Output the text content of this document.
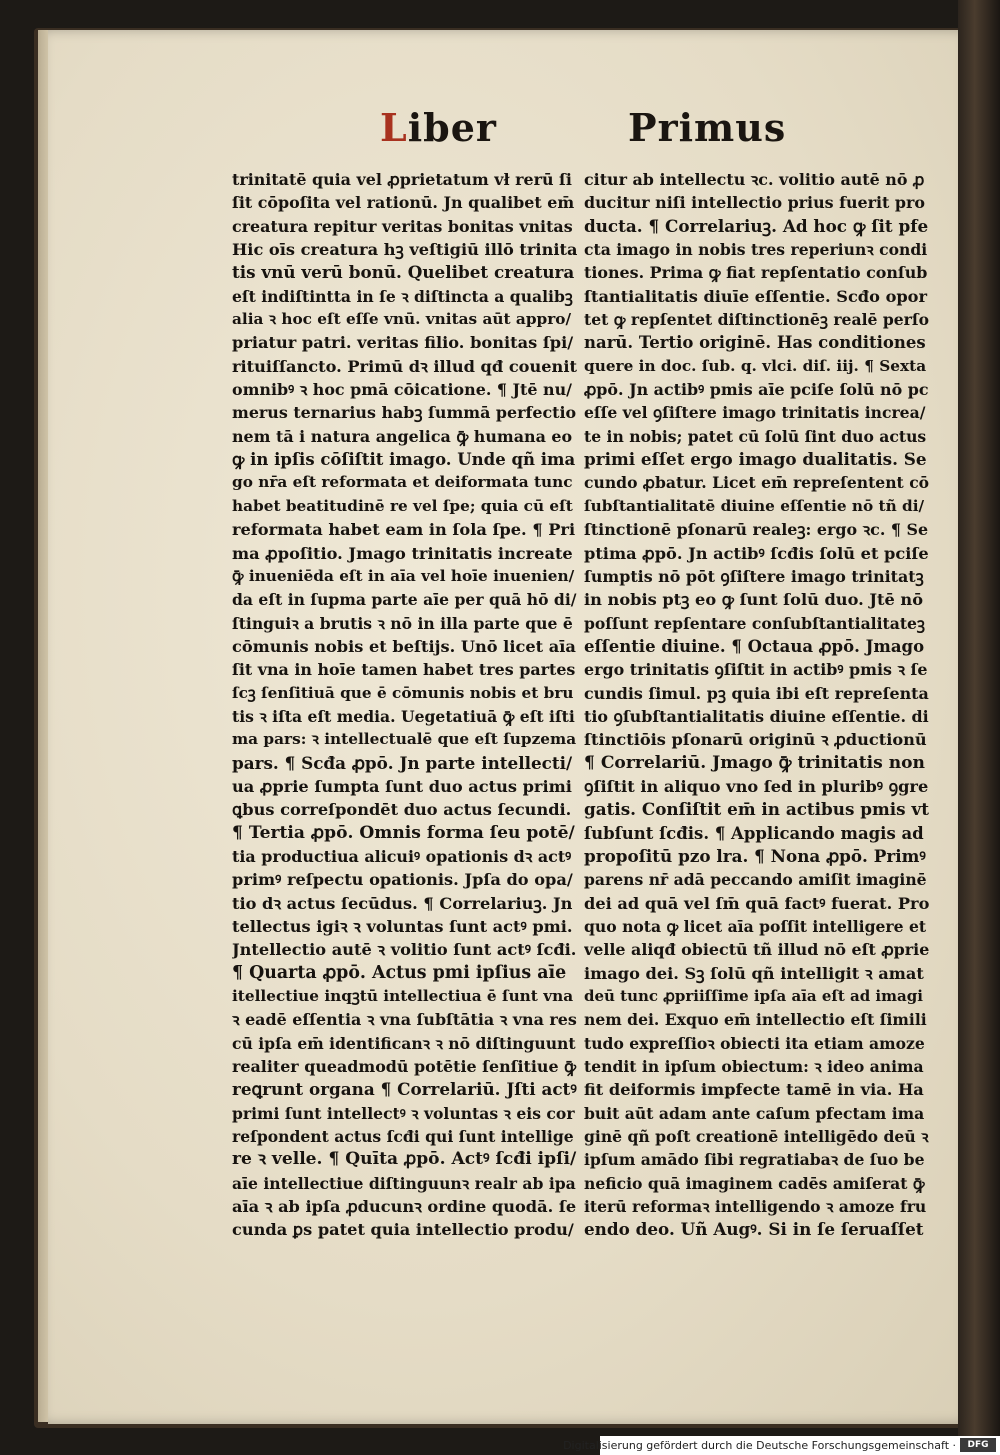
Liber	Primus
trinitatē quia vel ꝓprietatum vł rerū ſi
ſit cōpoſita vel rationū. Jn qualibet em̄
creatura repitur veritas bonitas vnitas
Hic oīs creatura hꝫ veſtigiū illō trinita
tis vnū verū bonū. Quelibet creatura
eſt indiſtintta in ſe ꝛ diſtincta a qualibꝫ
alia ꝛ hoc eſt eſſe vnū. vnitas aūt appro/
priatur patri. veritas filio. bonitas ſpi/
rituiſſancto. Primū dꝛ illud qđ couenit
omnibꝰ ꝛ hoc pmā cōicatione. ¶ Jtē nu/
merus ternarius habꝫ ſummā perfectio
nem tā i natura angelica ꝙ̄ humana eo
ꝙ in ipſis cōſiſtit imago. Unde qñ ima
go nr̄a eſt reformata et deiformata tunc
habet beatitudinē re vel ſpe; quia cū eſt
reformata habet eam in ſola ſpe. ¶ Pri
ma ꝓpoſitio. Jmago trinitatis increate
ꝙ̄ inueniēda eſt in aīa vel hoīe inuenien/
da eſt in ſupma parte aīe per quā hō di/
ſtinguiꝛ a brutis ꝛ nō in illa parte que ē
cōmunis nobis et beſtijs. Unō licet aīa
ſit vna in hoīe tamen habet tres partes
ſcꝫ ſenſitiuā que ē cōmunis nobis et bru
tis ꝛ iſta eſt media. Uegetatiuā ꝙ̄ eſt iſti
ma pars: ꝛ intellectualē que eſt ſupzema
pars. ¶ Scđa ꝓpō. Jn parte intellecti/
ua ꝓprie ſumpta ſunt duo actus primi
ꝗbus correſpondēt duo actus ſecundi.
¶ Tertia ꝓpō. Omnis forma ſeu potē/
tia productiua alicuiꝰ opationis dꝛ actꝰ
primꝰ reſpectu opationis. Jpſa do opa/
tio dꝛ actus ſecūdus. ¶ Correlariuꝫ. Jn
tellectus igiꝛ ꝛ voluntas ſunt actꝰ pmi.
Jntellectio autē ꝛ volitio ſunt actꝰ ſcđi.
¶ Quarta ꝓpō. Actus pmi ipſius aīe
itellectiue inqꝫtū intellectiua ē ſunt vna
ꝛ eadē eſſentia ꝛ vna ſubſtātia ꝛ vna res
cū ipſa em̄ identificanꝛ ꝛ nō diſtinguunt
realiter queadmodū potētie ſenſitiue ꝙ̄
reꝗrunt organa ¶ Correlariū. Jſti actꝰ
primi ſunt intellectꝰ ꝛ voluntas ꝛ eis cor
reſpondent actus ſcđi qui ſunt intellige
re ꝛ velle. ¶ Quīta ꝓpō. Actꝰ ſcđi ipſi/
aīe intellectiue diſtinguunꝛ realr ab ipa
aīa ꝛ ab ipſa ꝓducunꝛ ordine quodā. ſe
cunda ꝑs patet quia intellectio produ/
citur ab intellectu ꝛc. volitio autē nō ꝓ
ducitur niſi intellectio prius fuerit pro
ducta. ¶ Correlariuꝫ. Ad hoc ꝙ ſit pfe
cta imago in nobis tres reperiunꝛ condi
tiones. Prima ꝙ fiat repſentatio conſub
ſtantialitatis diuīe eſſentie. Scđo opor
tet ꝙ repſentet diſtinctionēꝫ realē perſo
narū. Tertio originē. Has conditiones
quere in doc. ſub. q. vlci. diſ. iij. ¶ Sexta
ꝓpō. Jn actibꝰ pmis aīe pciſe ſolū nō pc
eſſe vel ꝯſiſtere imago trinitatis increa/
te in nobis; patet cū ſolū ſint duo actus
primi eſſet ergo imago dualitatis. Se
cundo ꝓbatur. Licet em̄ repreſentent cō
ſubſtantialitatē diuine eſſentie nō tñ di/
ſtinctionē pſonarū realeꝫ: ergo ꝛc. ¶ Se
ptima ꝓpō. Jn actibꝰ ſcđis ſolū et pciſe
ſumptis nō pōt ꝯſiſtere imago trinitatꝫ
in nobis ptꝫ eo ꝙ ſunt ſolū duo. Jtē nō
poſſunt repſentare conſubſtantialitateꝫ
eſſentie diuine. ¶ Octaua ꝓpō. Jmago
ergo trinitatis ꝯſiſtit in actibꝰ pmis ꝛ ſe
cundis ſimul. pꝫ quia ibi eſt repreſenta
tio ꝯſubſtantialitatis diuine eſſentie. di
ſtinctiōis pſonarū originū ꝛ ꝓductionū
¶ Correlariū. Jmago ꝙ̄ trinitatis non
ꝯſiſtit in aliquo vno ſed in pluribꝰ ꝯgre
gatis. Conſiſtit em̄ in actibus pmis vt
ſubſunt ſcđis. ¶ Applicando magis ad
propoſitū pzo lra. ¶ Nona ꝓpō. Primꝰ
parens nr̄ adā peccando amiſit imaginē
dei ad quā vel ſm̄ quā factꝰ fuerat. Pro
quo nota ꝙ licet aīa poſſit intelligere et
velle aliqđ obiectū tñ illud nō eſt ꝓprie
imago dei. Sꝫ ſolū qñ intelligit ꝛ amat
deū tunc ꝓpriiſſime ipſa aīa eſt ad imagi
nem dei. Exquo em̄ intellectio eſt ſimili
tudo expreſſioꝛ obiecti ita etiam amoze
tendit in ipſum obiectum: ꝛ ideo anima
fit deiformis impfecte tamē in via. Ha
buit aūt adam ante caſum pfectam ima
ginē qñ poſt creationē intelligēdo deū ꝛ
ipſum amādo ſibi regratiabaꝛ de ſuo be
neficio quā imaginem cadēs amiſerat ꝙ̄
iterū reformaꝛ intelligendo ꝛ amoze fru
endo deo. Uñ Augꝰ. Si in ſe ſeruaſſet
Digitalisierung gefördert durch die Deutsche Forschungsgemeinschaft ·	DFG
